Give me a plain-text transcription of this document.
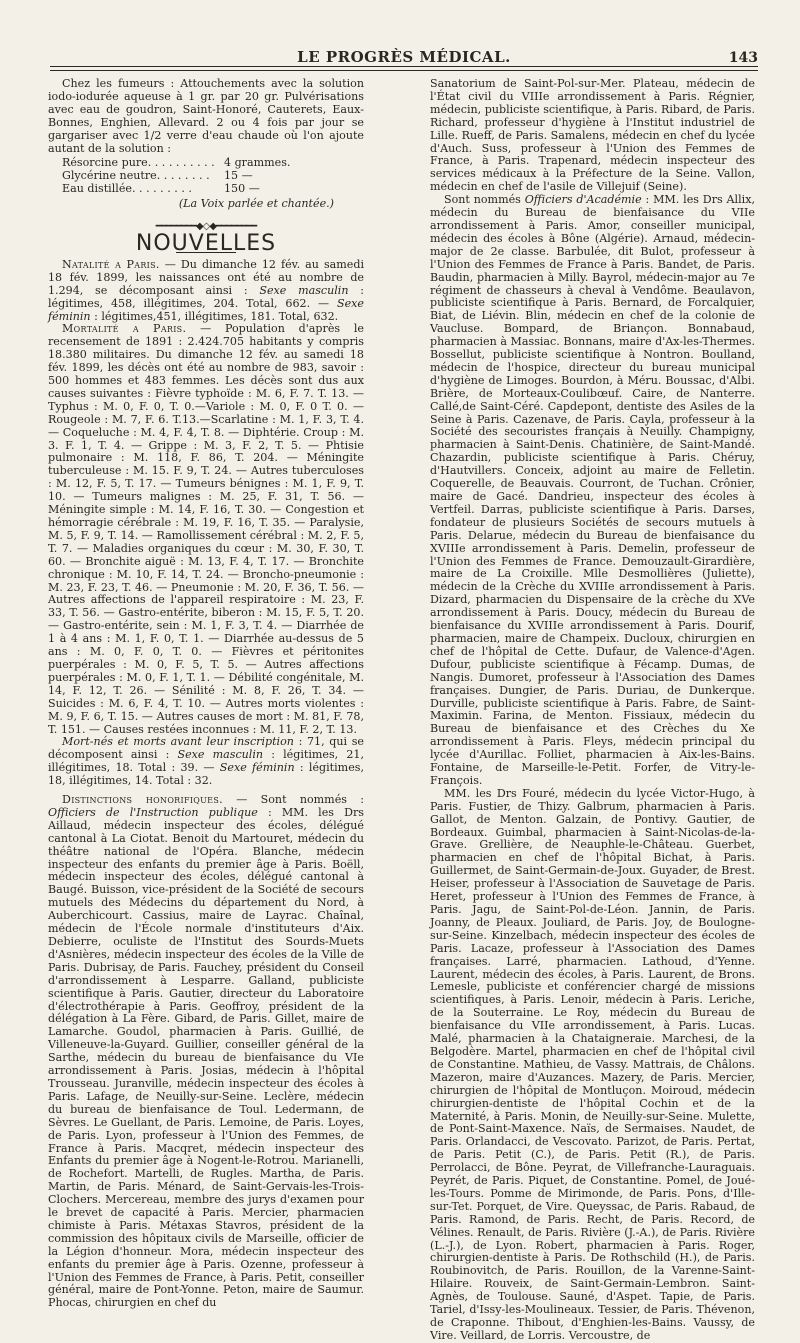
LE PROGRÈS MÉDICAL.	143

Chez les fumeurs : Attouchements avec la solution iodo-iodurée aqueuse à 1 gr. par 20 gr. Pulvérisations avec eau de goudron, Saint-Honoré, Cauterets, Eaux-Bonnes, Enghien, Allevard. 2 ou 4 fois par jour se gargariser avec 1/2 verre d'eau chaude où l'on ajoute autant de la solution :

Résorcine pure. . . . . . . . . . 4 grammes.
Glycérine neutre. . . . . . . . 15 —
Eau distillée. . . . . . . . .	150 —
(La Voix parlée et chantée.)
━━━━━━━━◆◇◆━━━━━━━━
NOUVELLES

Natalité a Paris. — Du dimanche 12 fév. au samedi 18 fév. 1899, les naissances ont été au nombre de 1.294, se décomposant ainsi : Sexe masculin : légitimes, 458, illégitimes, 204. Total, 662. — Sexe féminin : légitimes,451, illégitimes, 181. Total, 632.

Mortalité a Paris. — Population d'après le recensement de 1891 : 2.424.705 habitants y compris 18.380 militaires. Du dimanche 12 fév. au samedi 18 fév. 1899, les décès ont été au nombre de 983, savoir : 500 hommes et 483 femmes. Les décès sont dus aux causes suivantes : Fièvre typhoïde : M. 6, F. 7. T. 13. — Typhus : M. 0, F. 0, T. 0.—Variole : M. 0, F. 0 T. 0. —Rougeole : M. 7, F. 6. T.13.—Scarlatine : M. 1, F. 3, T. 4. — Coqueluche : M. 4, F. 4, T. 8. — Diphtérie. Croup : M. 3. F. 1, T. 4. — Grippe : M. 3, F. 2, T. 5. — Phtisie pulmonaire : M. 118, F. 86, T. 204. — Méningite tuberculeuse : M. 15. F. 9, T. 24. — Autres tuberculoses : M. 12, F. 5, T. 17. — Tumeurs bénignes : M. 1, F. 9, T. 10. — Tumeurs malignes : M. 25, F. 31, T. 56. —Méningite simple : M. 14, F. 16, T. 30. — Congestion et hémorragie cérébrale : M. 19, F. 16, T. 35. — Paralysie, M. 5, F. 9, T. 14. — Ramollissement cérébral : M. 2, F. 5, T. 7. — Maladies organiques du cœur : M. 30, F. 30, T. 60. — Bronchite aiguë : M. 13, F. 4, T. 17. — Bronchite chronique : M. 10, F. 14, T. 24. — Broncho-pneumonie : M. 23, F. 23, T. 46. — Pneumonie : M. 20, F. 36, T. 56. — Autres affections de l'appareil respiratoire : M. 23, F. 33, T. 56. — Gastro-entérite, biberon : M. 15, F. 5, T. 20. — Gastro-entérite, sein : M. 1, F. 3, T. 4. — Diarrhée de 1 à 4 ans : M. 1, F. 0, T. 1. — Diarrhée au-dessus de 5 ans : M. 0, F. 0, T. 0. — Fièvres et péritonites puerpérales : M. 0, F. 5, T. 5. — Autres affections puerpérales : M. 0, F. 1, T. 1. — Débilité congénitale, M. 14, F. 12, T. 26. — Sénilité : M. 8, F. 26, T. 34. — Suicides : M. 6, F. 4, T. 10. — Autres morts violentes : M. 9, F. 6, T. 15. — Autres causes de mort : M. 81, F. 78, T. 151. — Causes restées inconnues : M. 11, F. 2, T. 13.

Mort-nés et morts avant leur inscription : 71, qui se décomposent ainsi : Sexe masculin : légitimes, 21, illégitimes, 18. Total : 39. — Sexe féminin : légitimes, 18, illégitimes, 14. Total : 32.

Distinctions honorifiques. — Sont nommés : Officiers de l'Instruction publique : MM. les Drs Aillaud, médecin inspecteur des écoles, délégué cantonal à La Ciotat. Benoit du Martouret, médecin du théâtre national de l'Opéra. Blanche, médecin inspecteur des enfants du premier âge à Paris. Boëll, médecin inspecteur des écoles, délégué cantonal à Baugé. Buisson, vice-président de la Société de secours mutuels des Médecins du département du Nord, à Auberchicourt. Cassius, maire de Layrac. Chaînal, médecin de l'École normale d'instituteurs d'Aix. Debierre, oculiste de l'Institut des Sourds-Muets d'Asnières, médecin inspecteur des écoles de la Ville de Paris. Dubrisay, de Paris. Fauchey, président du Conseil d'arrondissement à Lesparre. Galland, publiciste scientifique à Paris. Gautier, directeur du Laboratoire d'électrothérapie à Paris. Geoffroy, président de la délégation à La Fère. Gibard, de Paris. Gillet, maire de Lamarche. Goudol, pharmacien à Paris. Guillié, de Villeneuve-la-Guyard. Guillier, conseiller général de la Sarthe, médecin du bureau de bienfaisance du VIe arrondissement à Paris. Josias, médecin à l'hôpital Trousseau. Juranville, médecin inspecteur des écoles à Paris. Lafage, de Neuilly-sur-Seine. Leclère, médecin du bureau de bienfaisance de Toul. Ledermann, de Sèvres. Le Guellant, de Paris. Lemoine, de Paris. Loyes, de Paris. Lyon, professeur à l'Union des Femmes, de France à Paris. Macqret, médecin inspecteur des Enfants du premier âge à Nogent-le-Rotrou. Marianelli, de Rochefort. Martelli, de Rugles. Martha, de Paris. Martin, de Paris. Ménard, de Saint-Gervais-les-Trois-Clochers. Mercereau, membre des jurys d'examen pour le brevet de capacité à Paris. Mercier, pharmacien chimiste à Paris. Métaxas Stavros, président de la commission des hôpitaux civils de Marseille, officier de la Légion d'honneur. Mora, médecin inspecteur des enfants du premier âge à Paris. Ozenne, professeur à l'Union des Femmes de France, à Paris. Petit, conseiller général, maire de Pont-Yonne. Peton, maire de Saumur. Phocas, chirurgien en chef du

Sanatorium de Saint-Pol-sur-Mer. Plateau, médecin de l'État civil du VIIIe arrondissement à Paris. Régnier, médecin, publiciste scientifique, à Paris. Ribard, de Paris. Richard, professeur d'hygiène à l'Institut industriel de Lille. Rueff, de Paris. Samalens, médecin en chef du lycée d'Auch. Suss, professeur à l'Union des Femmes de France, à Paris. Trapenard, médecin inspecteur des services médicaux à la Préfecture de la Seine. Vallon, médecin en chef de l'asile de Villejuif (Seine).

Sont nommés Officiers d'Académie : MM. les Drs Allix, médecin du Bureau de bienfaisance du VIIe arrondissement à Paris. Amor, conseiller municipal, médecin des écoles à Bône (Algérie). Arnaud, médecin-major de 2e classe. Barbulée, dit Bulot, professeur à l'Union des Femmes de France à Paris. Bandet, de Paris. Baudin, pharmacien à Milly. Bayrol, médecin-major au 7e régiment de chasseurs à cheval à Vendôme. Beaulavon, publiciste scientifique à Paris. Bernard, de Forcalquier, Biat, de Liévin. Blin, médecin en chef de la colonie de Vaucluse. Bompard, de Briançon. Bonnabaud, pharmacien à Massiac. Bonnans, maire d'Ax-les-Thermes. Bossellut, publiciste scientifique à Nontron. Boulland, médecin de l'hospice, directeur du bureau municipal d'hygiène de Limoges. Bourdon, à Méru. Boussac, d'Albi. Brière, de Morteaux-Coulibœuf. Caire, de Nanterre. Callé,de Saint-Céré. Capdepont, dentiste des Asiles de la Seine à Paris. Cazenave, de Paris. Cayla, professeur à la Société des secouristes français à Neuilly. Champigny, pharmacien à Saint-Denis. Chatinière, de Saint-Mandé. Chazardin, publiciste scientifique à Paris. Chéruy, d'Hautvillers. Conceix, adjoint au maire de Felletin. Coquerelle, de Beauvais. Courront, de Tuchan. Crônier, maire de Gacé. Dandrieu, inspecteur des écoles à Vertfeil. Darras, publiciste scientifique à Paris. Darses, fondateur de plusieurs Sociétés de secours mutuels à Paris. Delarue, médecin du Bureau de bienfaisance du XVIIIe arrondissement à Paris. Demelin, professeur de l'Union des Femmes de France. Demouzault-Girardière, maire de La Croixille. Mlle Desmollières (Juliette), médecin de la Crèche du XVIIIe arrondissement à Paris. Dizard, pharmacien du Dispensaire de la crèche du XVe arrondissement à Paris. Doucy, médecin du Bureau de bienfaisance du XVIIIe arrondissement à Paris. Dourif, pharmacien, maire de Champeix. Ducloux, chirurgien en chef de l'hôpital de Cette. Dufaur, de Valence-d'Agen. Dufour, publiciste scientifique à Fécamp. Dumas, de Nangis. Dumoret, professeur à l'Association des Dames françaises. Dungier, de Paris. Duriau, de Dunkerque. Durville, publiciste scientifique à Paris. Fabre, de Saint-Maximin. Farina, de Menton. Fissiaux, médecin du Bureau de bienfaisance et des Crèches du Xe arrondissement à Paris. Fleys, médecin principal du lycée d'Aurillac. Folliet, pharmacien à Aix-les-Bains. Fontaine, de Marseille-le-Petit. Forfer, de Vitry-le-François.

MM. les Drs Fouré, médecin du lycée Victor-Hugo, à Paris. Fustier, de Thizy. Galbrum, pharmacien à Paris. Gallot, de Menton. Galzain, de Pontivy. Gautier, de Bordeaux. Guimbal, pharmacien à Saint-Nicolas-de-la-Grave. Grellière, de Neauphle-le-Château. Guerbet, pharmacien en chef de l'hôpital Bichat, à Paris. Guillermet, de Saint-Germain-de-Joux. Guyader, de Brest. Heiser, professeur à l'Association de Sauvetage de Paris. Heret, professeur à l'Union des Femmes de France, à Paris. Jagu, de Saint-Pol-de-Léon. Jannin, de Paris. Joanny, de Pleaux. Jouliard, de Paris. Joy, de Boulogne-sur-Seine. Kinzelbach, médecin inspecteur des écoles de Paris. Lacaze, professeur à l'Association des Dames françaises. Larré, pharmacien. Lathoud, d'Yenne. Laurent, médecin des écoles, à Paris. Laurent, de Brons. Lemesle, publiciste et conférencier chargé de missions scientifiques, à Paris. Lenoir, médecin à Paris. Leriche, de la Souterraine. Le Roy, médecin du Bureau de bienfaisance du VIIe arrondissement, à Paris. Lucas. Malé, pharmacien à la Chataigneraie. Marchesi, de la Belgodère. Martel, pharmacien en chef de l'hôpital civil de Constantine. Mathieu, de Vassy. Mattrais, de Châlons. Mazeron, maire d'Auzances. Mazery, de Paris. Mercier, chirurgien de l'hôpital de Montluçon. Moiroud, médecin chirurgien-dentiste de l'hôpital Cochin et de la Maternité, à Paris. Monin, de Neuilly-sur-Seine. Mulette, de Pont-Saint-Maxence. Naïs, de Sermaises. Naudet, de Paris. Orlandacci, de Vescovato. Parizot, de Paris. Pertat, de Paris. Petit (C.), de Paris. Petit (R.), de Paris. Perrolacci, de Bône. Peyrat, de Villefranche-Lauraguais. Peyrét, de Paris. Piquet, de Constantine. Pomel, de Joué-les-Tours. Pomme de Mirimonde, de Paris. Pons, d'Ille-sur-Tet. Porquet, de Vire. Queyssac, de Paris. Rabaud, de Paris. Ramond, de Paris. Recht, de Paris. Record, de Vélines. Renault, de Paris. Rivière (J.-A.), de Paris. Rivière (L.-J.), de Lyon. Robert, pharmacien à Paris. Roger, chirurgien-dentiste à Paris. De Rothschild (H.), de Paris. Roubinovitch, de Paris. Rouillon, de la Varenne-Saint-Hilaire. Rouveix, de Saint-Germain-Lembron. Saint-Agnès, de Toulouse. Sauné, d'Aspet. Tapie, de Paris. Tariel, d'Issy-les-Moulineaux. Tessier, de Paris. Thévenon, de Craponne. Thibout, d'Enghien-les-Bains. Vaussy, de Vire. Veillard, de Lorris. Vercoustre, de
